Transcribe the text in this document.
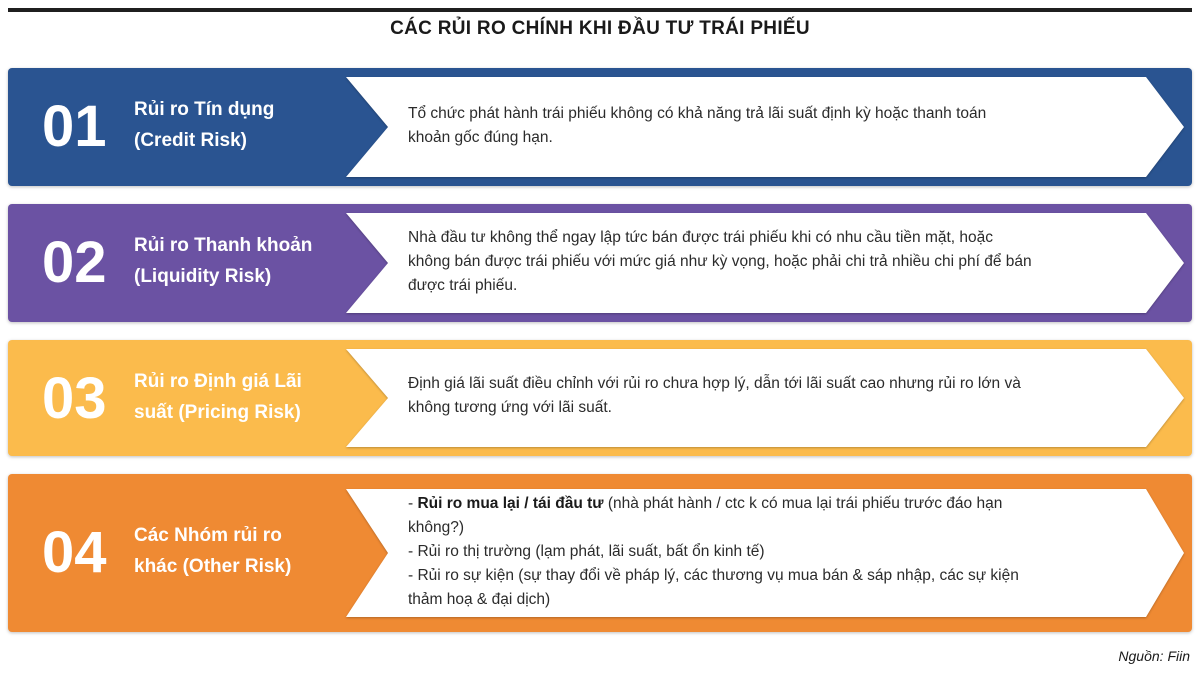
CÁC RỦI RO CHÍNH KHI ĐẦU TƯ TRÁI PHIẾU
01	Rủi ro Tín dụng
(Credit Risk)
Tổ chức phát hành trái phiếu không có khả năng trả lãi suất định kỳ hoặc thanh toán
khoản gốc đúng hạn.
02	Rủi ro Thanh khoản
(Liquidity Risk)
Nhà đầu tư không thể ngay lập tức bán được trái phiếu khi có nhu cầu tiền mặt, hoặc
không bán được trái phiếu với mức giá như kỳ vọng, hoặc phải chi trả nhiều chi phí để bán
được trái phiếu.
03	Rủi ro Định giá Lãi
suất (Pricing Risk)
Định giá lãi suất điều chỉnh với rủi ro chưa hợp lý, dẫn tới lãi suất cao nhưng rủi ro lớn và
không tương ứng với lãi suất.
04	Các Nhóm rủi ro
khác (Other Risk)
- Rủi ro mua lại / tái đầu tư (nhà phát hành / ctc k có mua lại trái phiếu trước đáo hạn
không?)
- Rủi ro thị trường (lạm phát, lãi suất, bất ổn kinh tế)
- Rủi ro sự kiện (sự thay đổi về pháp lý, các thương vụ mua bán & sáp nhập, các sự kiện
thảm hoạ & đại dịch)
Nguồn: Fiin
